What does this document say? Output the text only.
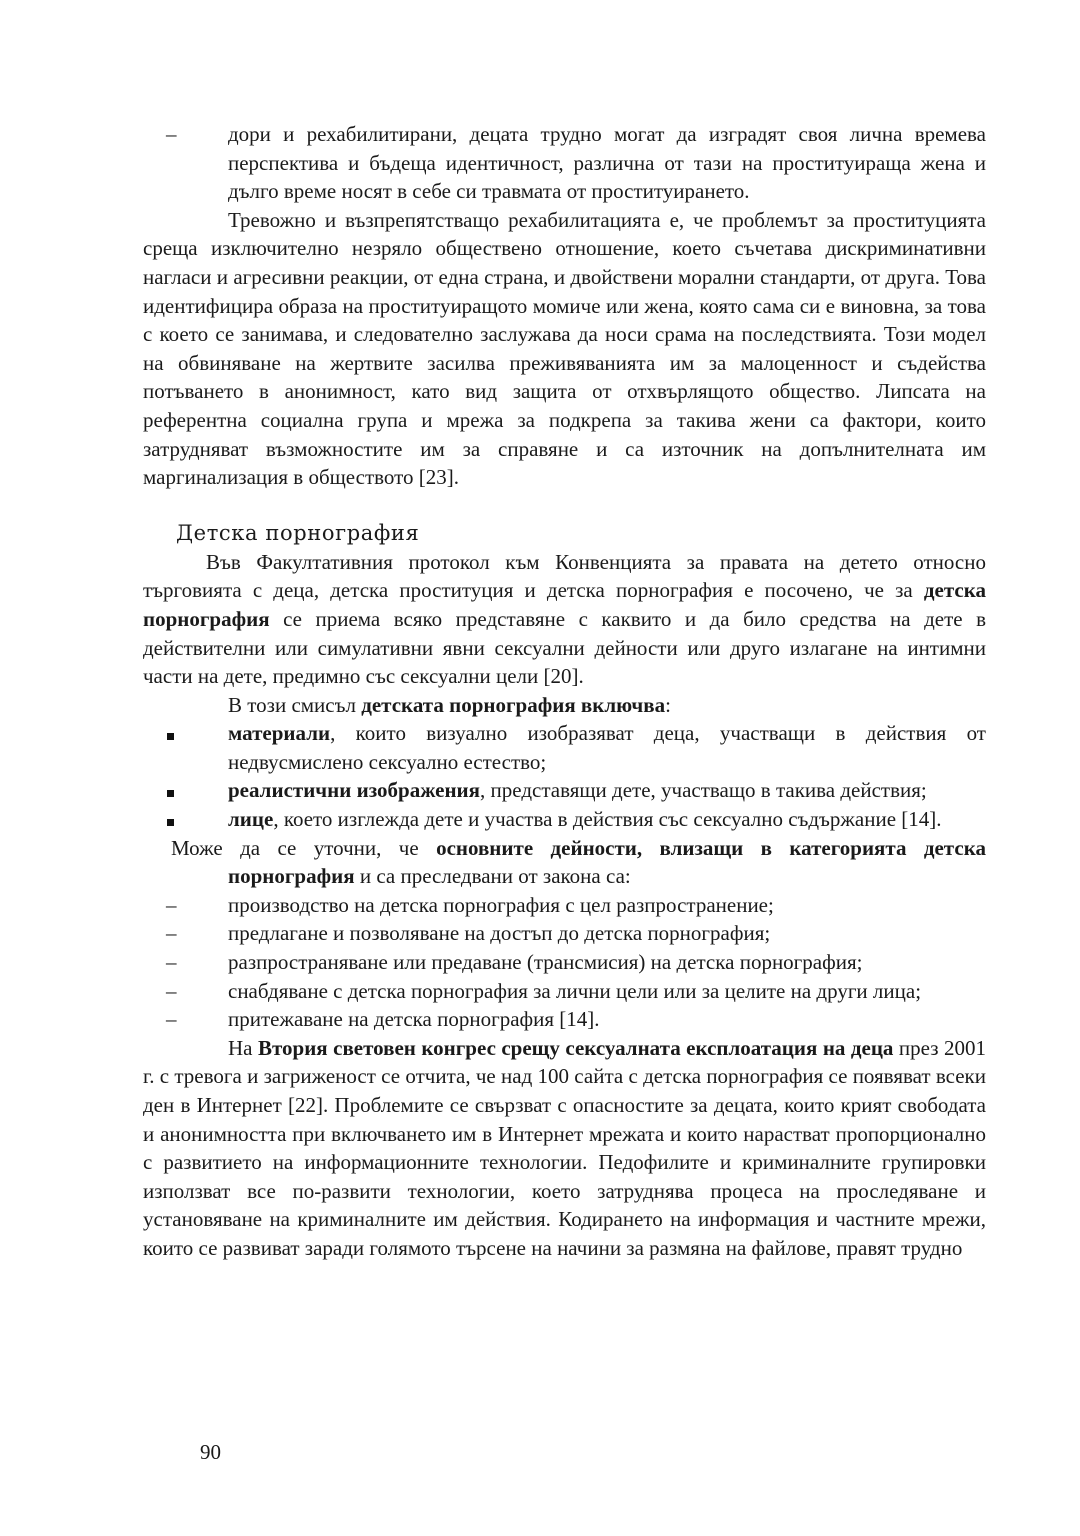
–	дори и рехабилитирани, децата трудно могат да изградят своя лична времева перспектива и бъдеща идентичност, различна от тази на проституираща жена и дълго време носят в себе си травмата от проституирането.

Тревожно и възпрепятстващо рехабилитацията е, че проблемът за проституцията среща изключително незряло обществено отношение, което съчетава дискриминативни нагласи и агресивни реакции, от една страна, и двойствени морални стандарти, от друга. Това идентифицира образа на проституиращото момиче или жена, която сама си е виновна, за това с което се занимава, и следователно заслужава да носи срама на последствията. Този модел на обвиняване на жертвите засилва преживяванията им за малоценност и съдейства потъването в анонимност, като вид защита от отхвърлящото общество. Липсата на референтна социална група и мрежа за подкрепа за такива жени са фактори, които затрудняват възможностите им за справяне и са източник на допълнителната им маргинализация в обществото [23].

Детска порнография

Във Факултативния протокол към Конвенцията за правата на детето относно търговията с деца, детска проституция и детска порнография е посочено, че за детска порнография се приема всяко представяне с каквито и да било средства на дете в действителни или симулативни явни сексуални дейности или друго излагане на интимни части на дете, предимно със сексуални цели [20].

В този смисъл детската порнография включва:

материали, които визуално изобразяват деца, участващи в действия от недвусмислено сексуално естество;
реалистични изображения, представящи дете, участващо в такива действия;
лице, което изглежда дете и участва в действия със сексуално съдържание [14].

Може да се уточни, че основните дейности, влизащи в категорията детска порнография и са преследвани от закона са:

–	производство на детска порнография с цел разпространение;
–	предлагане и позволяване на достъп до детска порнография;
–	разпространяване или предаване (трансмисия) на детска порнография;
–	снабдяване с детска порнография за лични цели или за целите на други лица;
–	притежаване на детска порнография [14].

На Втория световен конгрес срещу сексуалната експлоатация на деца през 2001 г. с тревога и загриженост се отчита, че над 100 сайта с детска порнография се появяват всеки ден в Интернет [22]. Проблемите се свързват с опасностите за децата, които крият свободата и анонимността при включването им в Интернет мрежата и които нарастват пропорционално с развитието на информационните технологии. Педофилите и криминалните групировки използват все по-развити технологии, което затруднява процеса на проследяване и установяване на криминалните им действия. Кодирането на информация и частните мрежи, които се развиват заради голямото търсене на начини за размяна на файлове, правят трудно

90
